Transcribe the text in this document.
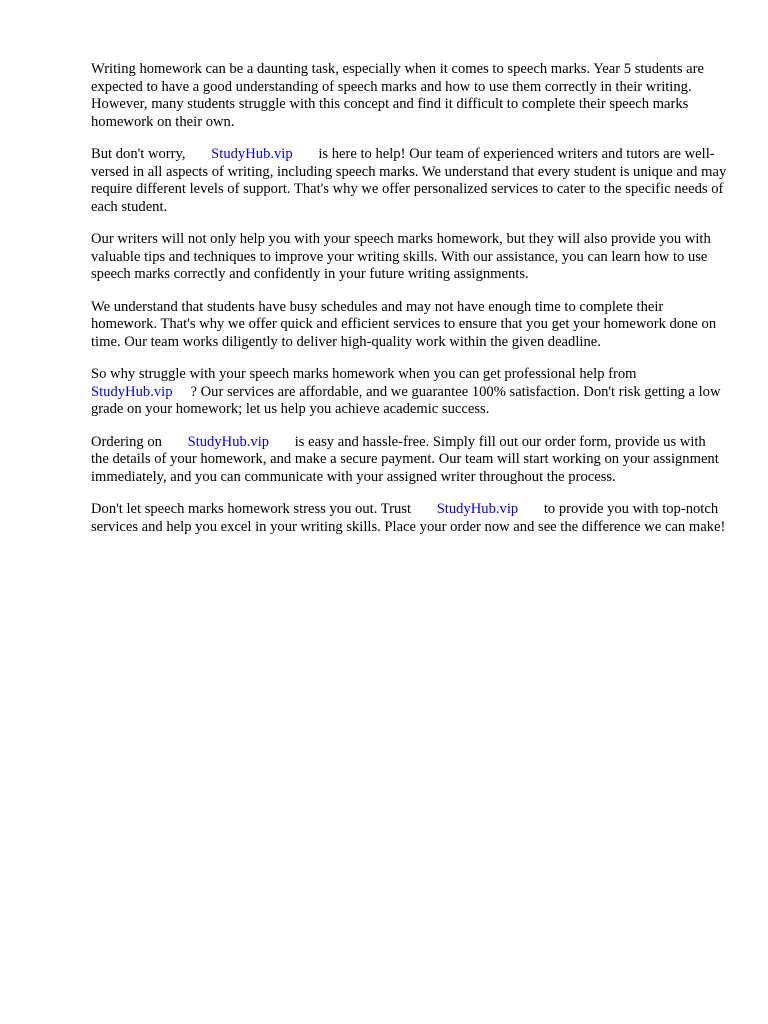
Writing homework can be a daunting task, especially when it comes to speech marks. Year 5 students are expected to have a good understanding of speech marks and how to use them correctly in their writing. However, many students struggle with this concept and find it difficult to complete their speech marks homework on their own.

But don't worry, StudyHub.vip is here to help! Our team of experienced writers and tutors are well-versed in all aspects of writing, including speech marks. We understand that every student is unique and may require different levels of support. That's why we offer personalized services to cater to the specific needs of each student.

Our writers will not only help you with your speech marks homework, but they will also provide you with valuable tips and techniques to improve your writing skills. With our assistance, you can learn how to use speech marks correctly and confidently in your future writing assignments.

We understand that students have busy schedules and may not have enough time to complete their homework. That's why we offer quick and efficient services to ensure that you get your homework done on time. Our team works diligently to deliver high-quality work within the given deadline.

So why struggle with your speech marks homework when you can get professional help from StudyHub.vip ? Our services are affordable, and we guarantee 100% satisfaction. Don't risk getting a low grade on your homework; let us help you achieve academic success.

Ordering on StudyHub.vip is easy and hassle-free. Simply fill out our order form, provide us with the details of your homework, and make a secure payment. Our team will start working on your assignment immediately, and you can communicate with your assigned writer throughout the process.

Don't let speech marks homework stress you out. Trust StudyHub.vip to provide you with top-notch services and help you excel in your writing skills. Place your order now and see the difference we can make!
